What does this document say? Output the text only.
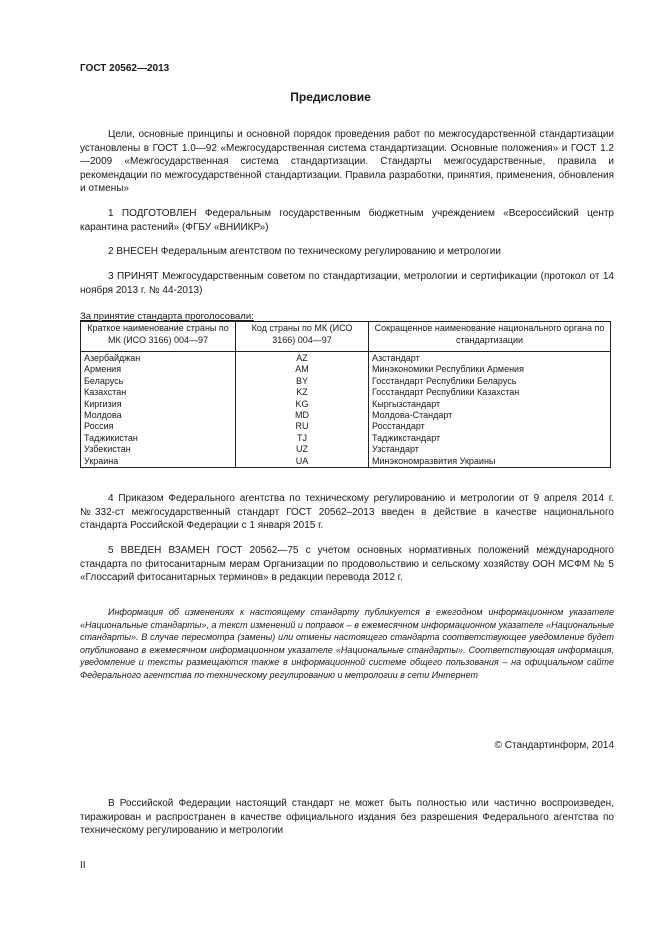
ГОСТ 20562—2013
Предисловие
Цели, основные принципы и основной порядок проведения работ по межгосударственной стандартизации установлены в ГОСТ 1.0—92 «Межгосударственная система стандартизации. Основные положения» и ГОСТ 1.2—2009 «Межгосударственная система стандартизации. Стандарты межгосударственные, правила и рекомендации по межгосударственной стандартизации. Правила разработки, принятия, применения, обновления и отмены»
1 ПОДГОТОВЛЕН Федеральным государственным бюджетным учреждением «Всероссийский центр карантина растений» (ФГБУ «ВНИИКР»)
2 ВНЕСЕН Федеральным агентством по техническому регулированию и метрологии
3 ПРИНЯТ Межгосударственным советом по стандартизации, метрологии и сертификации (протокол от 14 ноября 2013 г. № 44-2013)
За принятие стандарта проголосовали:
Краткое наименование страны по МК (ИСО 3166) 004—97	Код страны по МК (ИСО 3166) 004—97	Сокращенное наименование национального органа по стандартизации
Азербайджан	AZ	Азстандарт
Армения	AM	Минэкономики Республики Армения
Беларусь	BY	Госстандарт Республики Беларусь
Казахстан	KZ	Госстандарт Республики Казахстан
Киргизия	KG	Кыргызстандарт
Молдова	MD	Молдова-Стандарт
Россия	RU	Росстандарт
Таджикистан	TJ	Таджикстандарт
Узбекистан	UZ	Узстандарт
Украина	UA	Минэкономразвития Украины
4 Приказом Федерального агентства по техническому регулированию и метрологии от 9 апреля 2014 г. №332-ст межгосударственный стандарт ГОСТ 20562–2013 введен в действие в качестве национального стандарта Российской Федерации с 1 января 2015 г.
5 ВВЕДЕН ВЗАМЕН ГОСТ 20562—75 с учетом основных нормативных положений международного стандарта по фитосанитарным мерам Организации по продовольствию и сельскому хозяйству ООН МСФМ № 5 «Глоссарий фитосанитарных терминов» в редакции перевода 2012 г.
Информация об изменениях к настоящему стандарту публикуется в ежегодном информационном указателе «Национальные стандарты», а текст изменений и поправок – в ежемесячном информационном указателе «Национальные стандарты». В случае пересмотра (замены) или отмены настоящего стандарта соответствующее уведомление будет опубликовано в ежемесячном информационном указателе «Национальные стандарты». Соответствующая информация, уведомление и тексты размещаются также в информационной системе общего пользования – на официальном сайте Федерального агентства по техническому регулированию и метрологии в сети Интернет
© Стандартинформ, 2014
В Российской Федерации настоящий стандарт не может быть полностью или частично воспроизведен, тиражирован и распространен в качестве официального издания без разрешения Федерального агентства по техническому регулированию и метрологии
II
